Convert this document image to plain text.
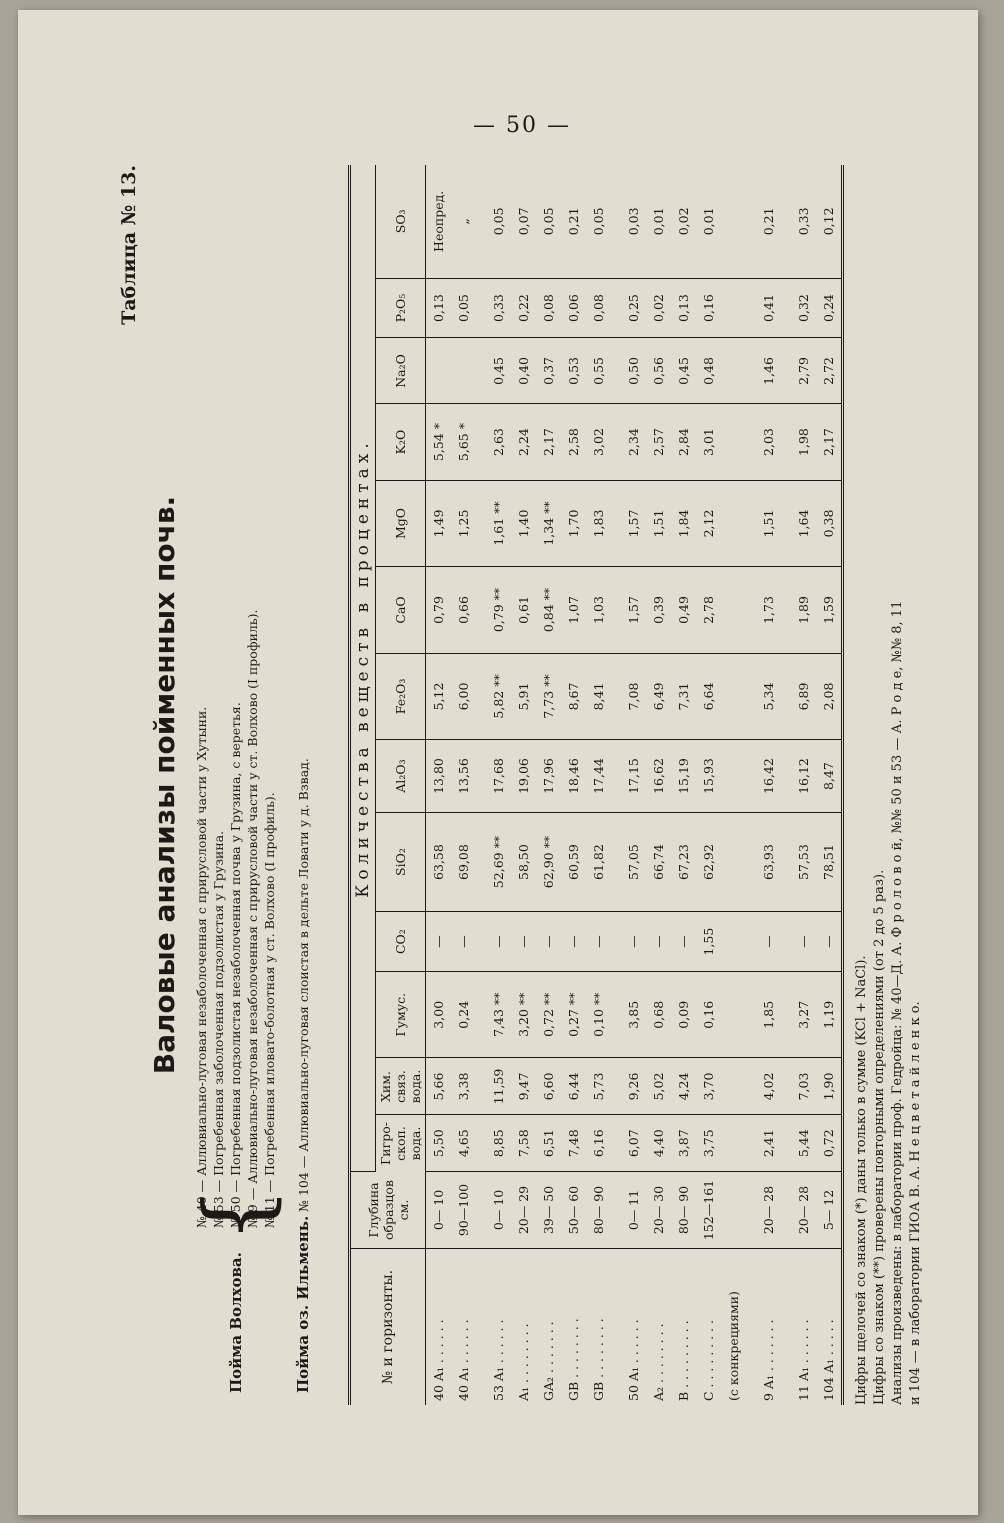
— 50 —
Таблица № 13.
Валовые анализы пойменных почв.
Пойма Волхова.
{
№ 40 — Аллювиально-луговая незаболоченная с прирусловой части у Хутыни. № 53 — Погребенная заболоченная подзолистая у Грузина. № 50 — Погребенная подзолистая незаболоченная почва у Грузина, с веретья. № 9 — Аллювиально-луговая незаболоченная с прирусловой части у ст. Волхово (I профиль). № 11 — Погребенная иловато-болотная у ст. Волхово (I профиль).
Пойма оз. Ильмень. № 104 — Аллювиально-луговая слоистая в дельте Ловати у д. Взвад.
№ и горизонты.	Глубина образцов см.	Количества веществ в процентах.												
		Гигро-скоп. вода.	Хим. связ. вода.	Гумус.	CO₂	SiO₂	Al₂O₃	Fe₂O₃	CaO	MgO	K₂O	Na₂O	P₂O₅	SO₃
40 A₁ . . . . . .	0— 10	5,50	5,66	3,00	—	63,58	13,80	5,12	0,79	1,49	5,54 *		0,13	Неопред.
40 A₁ . . . . . .	90—100	4,65	3,38	0,24	—	69,08	13,56	6,00	0,66	1,25	5,65 *		0,05	„

53 A₁ . . . . . .	0— 10	8,85	11,59	7,43 **	—	52,69 **	17,68	5,82 **	0,79 **	1,61 **	2,63	0,45	0,33	0,05
A₁ . . . . . . . .	20— 29	7,58	9,47	3,20 **	—	58,50	19,06	5,91	0,61	1,40	2,24	0,40	0,22	0,07
GA₂ . . . . . . .	39— 50	6,51	6,60	0,72 **	—	62,90 **	17,96	7,73 **	0,84 **	1,34 **	2,17	0,37	0,08	0,05
GB . . . . . . . .	50— 60	7,48	6,44	0,27 **	—	60,59	18,46	8,67	1,07	1,70	2,58	0,53	0,06	0,21
GB . . . . . . . .	80— 90	6,16	5,73	0,10 **	—	61,82	17,44	8,41	1,03	1,83	3,02	0,55	0,08	0,05

50 A₁ . . . . . .	0— 11	6,07	9,26	3,85	—	57,05	17,15	7,08	1,57	1,57	2,34	0,50	0,25	0,03
A₂ . . . . . . . .	20— 30	4,40	5,02	0,68	—	66,74	16,62	6,49	0,39	1,51	2,57	0,56	0,02	0,01
B . . . . . . . . .	80— 90	3,87	4,24	0,09	—	67,23	15,19	7,31	0,49	1,84	2,84	0,45	0,13	0,02
C . . . . . . . . .	152—161	3,75	3,70	0,16	1,55	62,92	15,93	6,64	2,78	2,12	3,01	0,48	0,16	0,01
(с конкрециями)														

9 A₁ . . . . . . .	20— 28	2,41	4,02	1,85	—	63,93	16,42	5,34	1,73	1,51	2,03	1,46	0,41	0,21

11 A₁ . . . . . .	20— 28	5,44	7,03	3,27	—	57,53	16,12	6,89	1,89	1,64	1,98	2,79	0,32	0,33
104 A₁ . . . . .	5— 12	0,72	1,90	1,19	—	78,51	8,47	2,08	1,59	0,38	2,17	2,72	0,24	0,12
Цифры щелочей со знаком (*) даны только в сумме (KCl + NaCl). Цифры со знаком (**) проверены повторными определениями (от 2 до 5 раз). Анализы произведены: в лаборатории проф. Гедройца: № 40—Д. А. Ф р о л о в о й, №№ 50 и 53 — А. Р о д е, №№ 8, 11 и 104 — в лаборатории ГИОА В. А. Н е ц в е т а й л е н к о.
